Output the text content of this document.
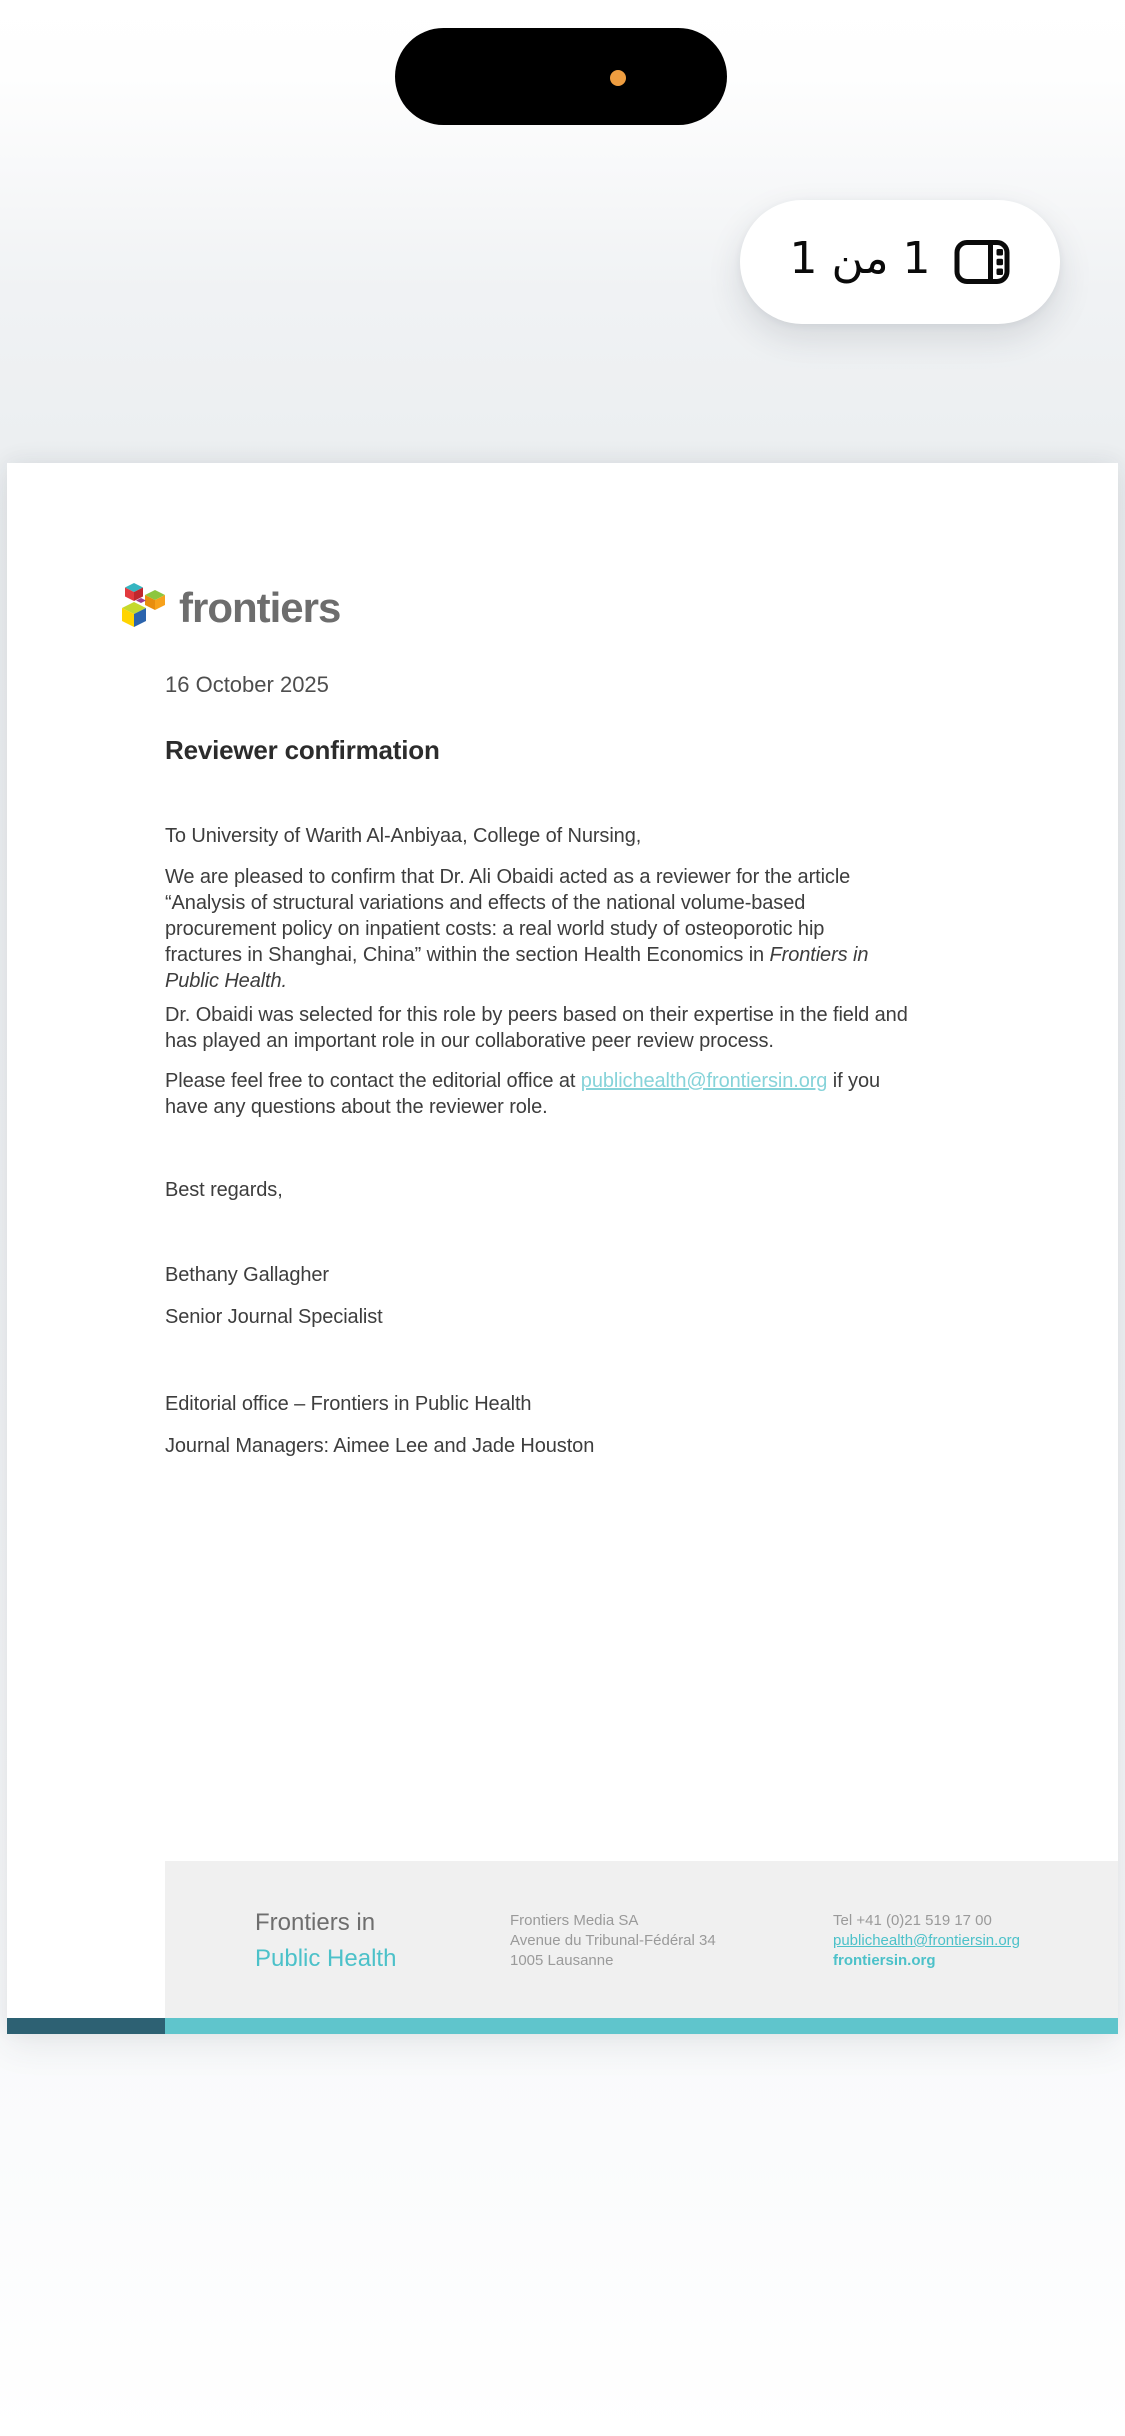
1 من 1
frontiers
16 October 2025
Reviewer confirmation
To University of Warith Al-Anbiyaa, College of Nursing,
We are pleased to confirm that Dr. Ali Obaidi acted as a reviewer for the article
“Analysis of structural variations and effects of the national volume-based
procurement policy on inpatient costs: a real world study of osteoporotic hip
fractures in Shanghai, China” within the section Health Economics in Frontiers in
Public Health.
Dr. Obaidi was selected for this role by peers based on their expertise in the field and
has played an important role in our collaborative peer review process.
Please feel free to contact the editorial office at publichealth@frontiersin.org if you
have any questions about the reviewer role.
Best regards,
Bethany Gallagher
Senior Journal Specialist
Editorial office – Frontiers in Public Health
Journal Managers: Aimee Lee and Jade Houston
Frontiers in
Public Health
Frontiers Media SA
Avenue du Tribunal-Fédéral 34
1005 Lausanne
Tel +41 (0)21 519 17 00
publichealth@frontiersin.org
frontiersin.org
